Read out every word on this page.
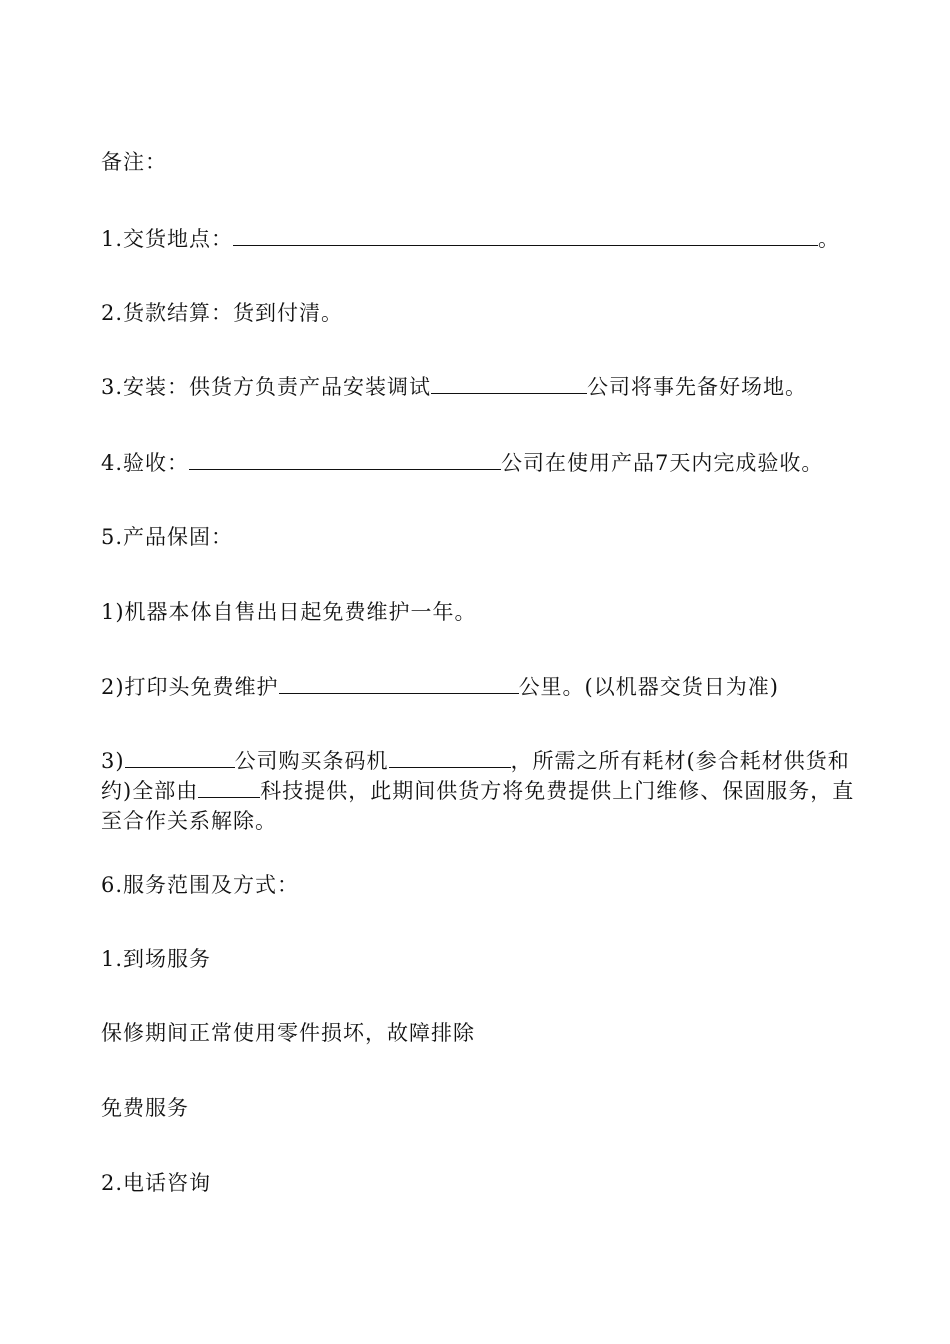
备注：

1.交货地点：	。

2.货款结算：货到付清。

3.安装：供货方负责产品安装调试	公司将事先备好场地。

4.验收：	公司在使用产品7天内完成验收。

5.产品保固：

1)机器本体自售出日起免费维护一年。

2)打印头免费维护	公里。(以机器交货日为准)

3)	公司购买条码机	，所需之所有耗材(参合耗材供货和约)全部由	科技提供，此期间供货方将免费提供上门维修、保固服务，直至合作关系解除。

6.服务范围及方式：

1.到场服务

保修期间正常使用零件损坏，故障排除

免费服务

2.电话咨询
